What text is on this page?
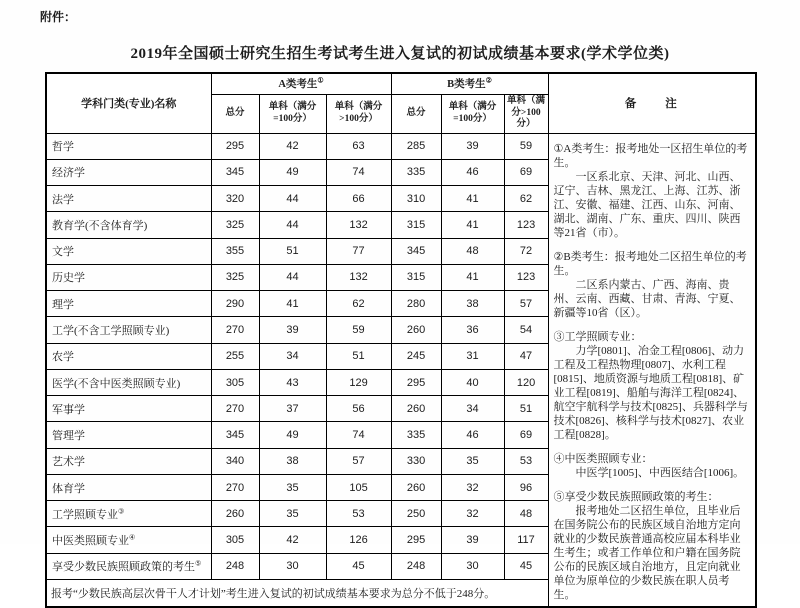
附件：
2019年全国硕士研究生招生考试考生进入复试的初试成绩基本要求(学术学位类)
学科门类(专业)名称	A类考生①			B类考生②			备　　注
	总分	单科（满分=100分）	单科（满分>100分）	总分	单科（满分=100分）	单科（满分>100分）	
哲学	295	42	63	285	39	59	①A类考生：报考地处一区招生单位的考生。
一区系北京、天津、河北、山西、辽宁、吉林、黑龙江、上海、江苏、浙江、安徽、福建、江西、山东、河南、湖北、湖南、广东、重庆、四川、陕西等21省（市）。
②B类考生：报考地处二区招生单位的考生。
二区系内蒙古、广西、海南、贵州、云南、西藏、甘肃、青海、宁夏、新疆等10省（区）。
③工学照顾专业：
力学[0801]、冶金工程[0806]、动力工程及工程热物理[0807]、水利工程[0815]、地质资源与地质工程[0818]、矿业工程[0819]、船舶与海洋工程[0824]、航空宇航科学与技术[0825]、兵器科学与技术[0826]、核科学与技术[0827]、农业工程[0828]。
④中医类照顾专业：
中医学[1005]、中西医结合[1006]。
⑤享受少数民族照顾政策的考生：
报考地处二区招生单位，且毕业后在国务院公布的民族区域自治地方定向就业的少数民族普通高校应届本科毕业生考生；或者工作单位和户籍在国务院公布的民族区域自治地方，且定向就业单位为原单位的少数民族在职人员考生。

经济学	345	49	74	335	46	69	
法学	320	44	66	310	41	62	
教育学(不含体育学)	325	44	132	315	41	123	
文学	355	51	77	345	48	72	
历史学	325	44	132	315	41	123	
理学	290	41	62	280	38	57	
工学(不含工学照顾专业)	270	39	59	260	36	54	
农学	255	34	51	245	31	47	
医学(不含中医类照顾专业)	305	43	129	295	40	120	
军事学	270	37	56	260	34	51	
管理学	345	49	74	335	46	69	
艺术学	340	38	57	330	35	53	
体育学	270	35	105	260	32	96	
工学照顾专业③	260	35	53	250	32	48	
中医类照顾专业④	305	42	126	295	39	117	
享受少数民族照顾政策的考生⑤	248	30	45	248	30	45	
报考“少数民族高层次骨干人才计划”考生进入复试的初试成绩基本要求为总分不低于248分。							
